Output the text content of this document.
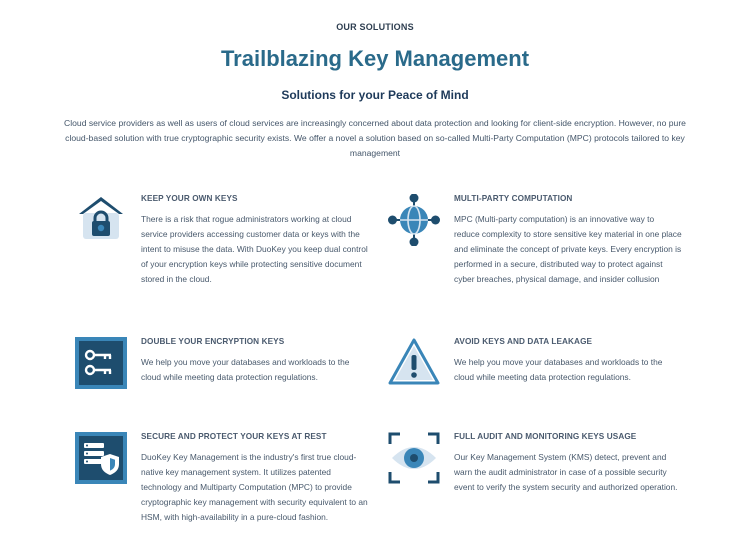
OUR SOLUTIONS
Trailblazing Key Management
Solutions for your Peace of Mind
Cloud service providers as well as users of cloud services are increasingly concerned about data protection and looking for client-side encryption. However, no pure cloud-based solution with true cryptographic security exists. We offer a novel a solution based on so-called Multi-Party Computation (MPC) protocols tailored to key management
KEEP YOUR OWN KEYS

There is a risk that rogue administrators working at cloud service providers accessing customer data or keys with the intent to misuse the data. With DuoKey you keep dual control of your encryption keys while protecting sensitive document stored in the cloud.

MULTI-PARTY COMPUTATION

MPC (Multi-party computation) is an innovative way to reduce complexity to store sensitive key material in one place and eliminate the concept of private keys. Every encryption is performed in a secure, distributed way to protect against cyber breaches, physical damage, and insider collusion

DOUBLE YOUR ENCRYPTION KEYS

We help you move your databases and workloads to the cloud while meeting data protection regulations.

AVOID KEYS AND DATA LEAKAGE

We help you move your databases and workloads to the cloud while meeting data protection regulations.

SECURE AND PROTECT YOUR KEYS AT REST

DuoKey Key Management is the industry's first true cloud-native key management system. It utilizes patented technology and Multiparty Computation (MPC) to provide cryptographic key management with security equivalent to an HSM, with high-availability in a pure-cloud fashion.

FULL AUDIT AND MONITORING KEYS USAGE

Our Key Management System (KMS) detect, prevent and warn the audit administrator in case of a possible security event to verify the system security and authorized operation.
